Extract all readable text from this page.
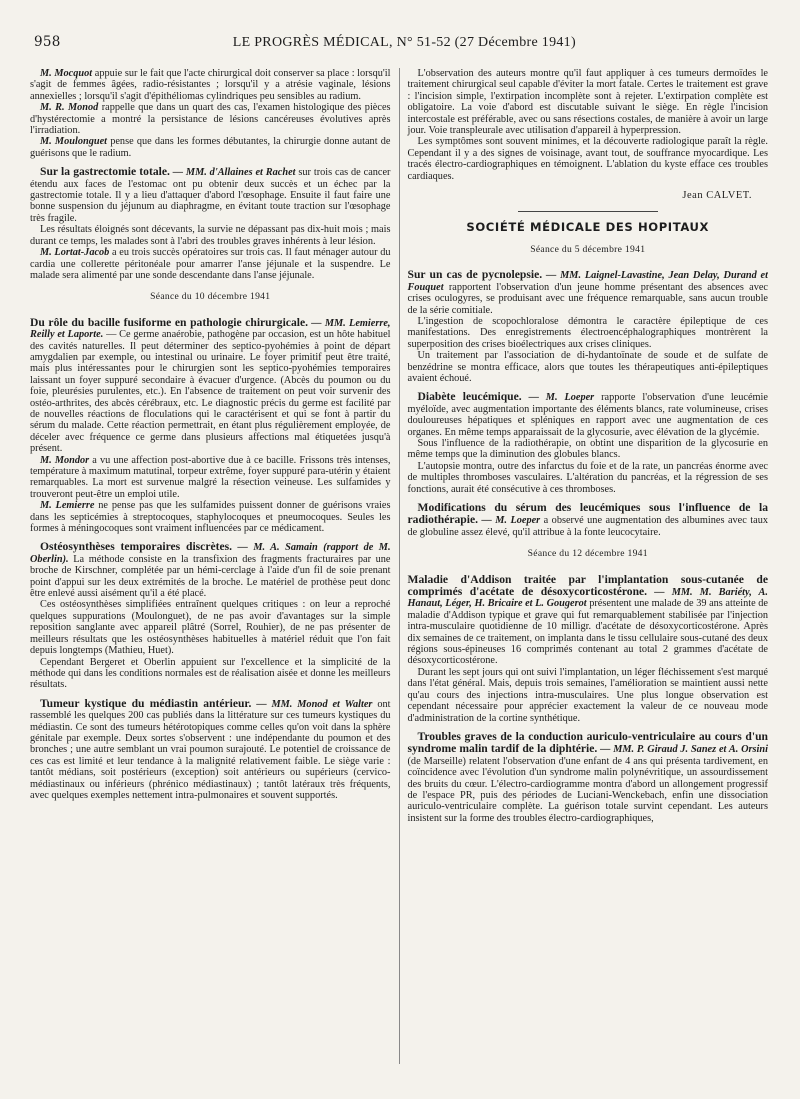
958	LE PROGRÈS MÉDICAL, N° 51-52 (27 Décembre 1941)

M. Mocquot appuie sur le fait que l'acte chirurgical doit conserver sa place : lorsqu'il s'agit de femmes âgées, radio-résistantes ; lorsqu'il y a atrésie vaginale, lésions annexielles ; lorsqu'il s'agit d'épithéliomas cylindriques peu sensibles au radium.

M. R. Monod rappelle que dans un quart des cas, l'examen histologique des pièces d'hystérectomie a montré la persistance de lésions cancéreuses évolutives après l'irradiation.

M. Moulonguet pense que dans les formes débutantes, la chirurgie donne autant de guérisons que le radium.

Sur la gastrectomie totale. — MM. d'Allaines et Rachet sur trois cas de cancer étendu aux faces de l'estomac ont pu obtenir deux succès et un échec par la gastrectomie totale. Il y a lieu d'attaquer d'abord l'œsophage. Ensuite il faut faire une bonne suspension du jéjunum au diaphragme, en évitant toute traction sur l'œsophage très fragile.

Les résultats éloignés sont décevants, la survie ne dépassant pas dix-huit mois ; mais durant ce temps, les malades sont à l'abri des troubles graves inhérents à leur lésion.

M. Lortat-Jacob a eu trois succès opératoires sur trois cas. Il faut ménager autour du cardia une collerette péritonéale pour amarrer l'anse jéjunale et la suspendre. Le malade sera alimenté par une sonde descendante dans l'anse jéjunale.

Séance du 10 décembre 1941

Du rôle du bacille fusiforme en pathologie chirurgicale. — MM. Lemierre, Reilly et Laporte. — Ce germe anaérobie, pathogène par occasion, est un hôte habituel des cavités naturelles. Il peut déterminer des septico-pyohémies à point de départ amygdalien par exemple, ou intestinal ou urinaire. Le foyer primitif peut être traité, mais plus intéressantes pour le chirurgien sont les septico-pyohémies temporaires laissant un foyer suppuré secondaire à évacuer d'urgence. (Abcès du poumon ou du foie, pleurésies purulentes, etc.). En l'absence de traitement on peut voir survenir des ostéo-arthrites, des abcès cérébraux, etc. Le diagnostic précis du germe est facilité par de nouvelles réactions de floculations qui le caractérisent et qui se font à partir du sérum du malade. Cette réaction permettrait, en étant plus régulièrement employée, de déceler avec fréquence ce germe dans plusieurs affections mal étiquetées jusqu'à présent.

M. Mondor a vu une affection post-abortive due à ce bacille. Frissons très intenses, température à maximum matutinal, torpeur extrême, foyer suppuré para-utérin y étaient remarquables. La mort est survenue malgré la résection veineuse. Les sulfamides y trouveront peut-être un emploi utile.

M. Lemierre ne pense pas que les sulfamides puissent donner de guérisons vraies dans les septicémies à streptocoques, staphylocoques et pneumocoques. Seules les formes à méningocoques sont vraiment influencées par ce médicament.

Ostéosynthèses temporaires discrètes. — M. A. Samain (rapport de M. Oberlin). La méthode consiste en la transfixion des fragments fracturaires par une broche de Kirschner, complétée par un hémi-cerclage à l'aide d'un fil de soie prenant point d'appui sur les deux extrémités de la broche. Le matériel de prothèse peut donc être enlevé aussi aisément qu'il a été placé.

Ces ostéosynthèses simplifiées entraînent quelques critiques : on leur a reproché quelques suppurations (Moulonguet), de ne pas avoir d'avantages sur la simple reposition sanglante avec appareil plâtré (Sorrel, Rouhier), de ne pas présenter de meilleurs résultats que les ostéosynthèses habituelles à matériel réduit que l'on fait depuis longtemps (Mathieu, Huet).

Cependant Bergeret et Oberlin appuient sur l'excellence et la simplicité de la méthode qui dans les conditions normales est de réalisation aisée et donne les meilleurs résultats.

Tumeur kystique du médiastin antérieur. — MM. Monod et Walter ont rassemblé les quelques 200 cas publiés dans la littérature sur ces tumeurs kystiques du médiastin. Ce sont des tumeurs hétérotopiques comme celles qu'on voit dans la sphère génitale par exemple. Deux sortes s'observent : une indépendante du poumon et des bronches ; une autre semblant un vrai poumon surajouté. Le potentiel de croissance de ces cas est limité et leur tendance à la malignité relativement faible. Le siège varie : tantôt médians, soit postérieurs (exception) soit antérieurs ou supérieurs (cervico-médiastinaux ou inférieurs (phrénico médiastinaux) ; tantôt latéraux très fréquents, avec quelques exemples nettement intra-pulmonaires et souvent supportés.

L'observation des auteurs montre qu'il faut appliquer à ces tumeurs dermoïdes le traitement chirurgical seul capable d'éviter la mort fatale. Certes le traitement est grave : l'incision simple, l'extirpation incomplète sont à rejeter. L'extirpation complète est obligatoire. La voie d'abord est discutable suivant le siège. En règle l'incision intercostale est préférable, avec ou sans résections costales, de manière à avoir un large jour. Voie transpleurale avec utilisation d'appareil à hyperpression.

Les symptômes sont souvent minimes, et la découverte radiologique paraît la règle. Cependant il y a des signes de voisinage, avant tout, de souffrance myocardique. Les tracés électro-cardiographiques en témoignent. L'ablation du kyste efface ces troubles cardiaques.

Jean CALVET.
SOCIÉTÉ MÉDICALE DES HOPITAUX
Séance du 5 décembre 1941

Sur un cas de pycnolepsie. — MM. Laignel-Lavastine, Jean Delay, Durand et Fouquet rapportent l'observation d'un jeune homme présentant des absences avec crises oculogyres, se produisant avec une fréquence remarquable, sans aucun trouble de la série comitiale.

L'ingestion de scopochloralose démontra le caractère épileptique de ces manifestations. Des enregistrements électroencéphalographiques montrèrent la superposition des crises bioélectriques aux crises cliniques.

Un traitement par l'association de di-hydantoïnate de soude et de sulfate de benzédrine se montra efficace, alors que toutes les thérapeutiques anti-épileptiques avaient échoué.

Diabète leucémique. — M. Loeper rapporte l'observation d'une leucémie myéloïde, avec augmentation importante des éléments blancs, rate volumineuse, crises douloureuses hépatiques et spléniques en rapport avec une augmentation de ces organes. En même temps apparaissait de la glycosurie, avec élévation de la glycémie.

Sous l'influence de la radiothérapie, on obtint une disparition de la glycosurie en même temps que la diminution des globules blancs.

L'autopsie montra, outre des infarctus du foie et de la rate, un pancréas énorme avec de multiples thromboses vasculaires. L'altération du pancréas, et la régression de ses fonctions, aurait été consécutive à ces thromboses.

Modifications du sérum des leucémiques sous l'influence de la radiothérapie. — M. Loeper a observé une augmentation des albumines avec taux de globuline assez élevé, qu'il attribue à la fonte leucocytaire.

Séance du 12 décembre 1941

Maladie d'Addison traitée par l'implantation sous-cutanée de comprimés d'acétate de désoxycorticostérone. — MM. M. Bariéty, A. Hanaut, Léger, H. Bricaire et L. Gougerot présentent une malade de 39 ans atteinte de maladie d'Addison typique et grave qui fut remarquablement stabilisée par l'injection intra-musculaire quotidienne de 10 milligr. d'acétate de désoxycorticostérone. Après dix semaines de ce traitement, on implanta dans le tissu cellulaire sous-cutané des deux régions sous-épineuses 16 comprimés contenant au total 2 grammes d'acétate de désoxycorticostérone.

Durant les sept jours qui ont suivi l'implantation, un léger fléchissement s'est marqué dans l'état général. Mais, depuis trois semaines, l'amélioration se maintient aussi nette qu'au cours des injections intra-musculaires. Une plus longue observation est cependant nécessaire pour apprécier exactement la valeur de ce nouveau mode d'administration de la cortine synthétique.

Troubles graves de la conduction auriculo-ventriculaire au cours d'un syndrome malin tardif de la diphtérie. — MM. P. Giraud J. Sanez et A. Orsini (de Marseille) relatent l'observation d'une enfant de 4 ans qui présenta tardivement, en coïncidence avec l'évolution d'un syndrome malin polynévritique, un assourdissement des bruits du cœur. L'électro-cardiogramme montra d'abord un allongement progressif de l'espace PR, puis des périodes de Luciani-Wenckebach, enfin une dissociation auriculo-ventriculaire complète. La guérison totale survint cependant. Les auteurs insistent sur la forme des troubles électro-cardiographiques,
